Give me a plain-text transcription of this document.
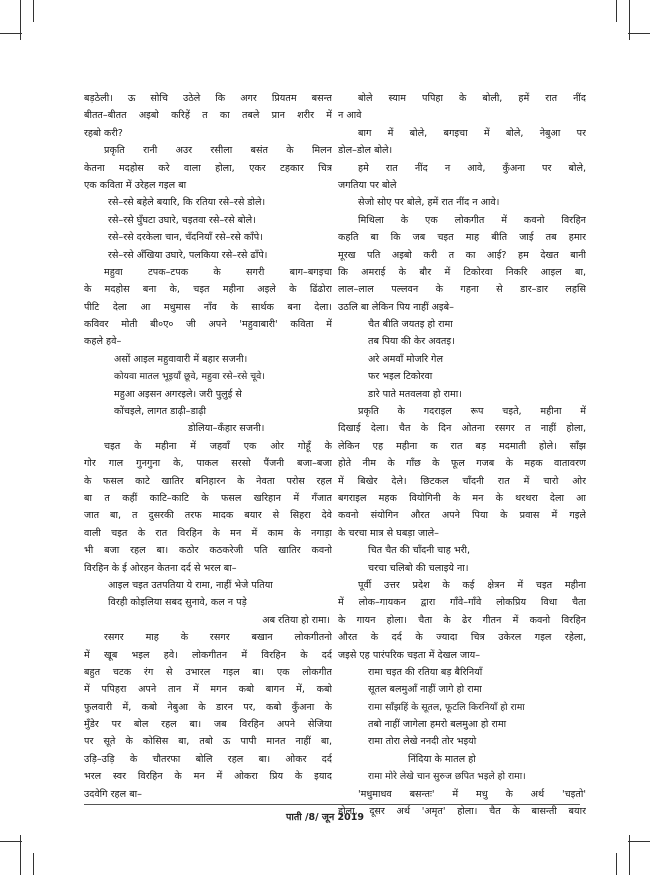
बड़ठेली। ऊ सोचि उठेले कि अगर प्रियतम बसन्त
बीतत–बीतत अइबो करिहें त का तबले प्रान शरीर में
रहबो करी?
प्रकृति रानी अउर रसीला बसंत के मिलन
केतना मदहोस करे वाला होला, एकर टहकार चित्र
एक कविता में उरेहल गइल बा
रसे–रसे बहेले बयारि, कि रतिया रसे–रसे डोले।
रसे–रसे घुँघटा उघारे, चइतवा रसे–रसे बोले।
रसे–रसे दरकेला चान, चँदनियाँ रसे–रसे काँपे।
रसे–रसे अँखिया उघारे, पलकिया रसे–रसे ढाँपे।
महुवा टपक–टपक के सगरी बाग–बगइचा
के मदहोस बना के, चइत महीना अइले के ढिंढोरा
पीटि देला आ मधुमास नाँव के सार्थक बना देला।
कविवर मोती बी०ए० जी अपने 'महुवाबारी' कविता में
कहले हवे–
असों आइल महुवावारी में बहार सजनी।
कोयवा मातल भूइयाँ छूवे, महुवा रसे–रसे चूवे।
महुआ अइसन अगरइले। जरी पुलुई से
कोंचइले, लागत डाढ़ी–डाढ़ी
डोलिया–कँहार सजनी।
चइत के महीना में जहवाँ एक ओर गोहूँ के
गोर गाल गुनगुना के, पाकल सरसो पैंजनी बजा–बजा
के फसल काटे खातिर बनिहारन के नेवता परोस रहल
बा त कहीं काटि–काटि के फसल खरिहान में गँजात
जात बा, त दुसरकी तरफ मादक बयार से सिहरा देवे
वाली चइत के रात विरहिन के मन में काम के नगाड़ा
भी बजा रहल बा। कठोर कठकरेजी पति खातिर कवनो
विरहिन के ई ओरहन केतना दर्द से भरल बा–
आइल चइत उतपतिया ये रामा, नाहीं भेजे पतिया
विरही कोइलिया सबद सुनावे, कल न पड़े
अब रतिया हो रामा।
रसगर माह के रसगर बखान लोकगीतनो
में खूब भइल हवे। लोकगीतन में विरहिन के दर्द
बहुत चटक रंग से उभारल गइल बा। एक लोकगीत
में पपिहरा अपने तान में मगन कबो बागन में, कबो
फुलवारी में, कबो नेबुआ के डारन पर, कबो कुँअना के
मुँडेर पर बोल रहल बा। जब विरहिन अपने सेजिया
पर सूते के कोसिस बा, तबो ऊ पापी मानत नाहीं बा,
उड़ि–उड़ि के चौतरफा बोलि रहल बा। ओकर दर्द
भरल स्वर विरहिन के मन में ओकरा प्रिय के इयाद
उदवेगि रहल बा–
बोले स्याम पपिहा के बोली, हमें रात नींद
न आवे
बाग में बोले, बगइचा में बोले, नेबुआ पर
डोल–डोल बोले।
हमे रात नींद न आवे, कुँअना पर बोले,
जगतिया पर बोले
सेजो सोए पर बोले, हमें रात नींद न आवे।
मिथिला के एक लोकगीत में कवनो विरहिन
कहति बा कि जब चइत माह बीति जाई तब हमार
मूरख पति अइबो करी त का आई? हम देखत बानी
कि अमराई के बौर में टिकोरवा निकरि आइल बा,
लाल–लाल पल्लवन के गहना से डार–डार लहसि
उठलि बा लेकिन पिय नाहीं अइबे–
चैत बीति जयतइ हो रामा
तब पिया की केर अवतइ।
अरे अमवाँ मोजरि गेल
फर भइल टिकोरवा
डारे पाते मतवलवा हो रामा।
प्रकृति के गदराइल रूप चइते, महीना में
दिखाई देला। चैत के दिन ओतना रसगर त नाहीं होला,
लेकिन एह महीना क रात बड़ मदमाती होले। साँझ
होते नीम के गाँछ के फूल गजब के महक वातावरण
में बिखेर देले। छिटकल चाँदनी रात में चारो ओर
बगराइल महक वियोगिनी के मन के थरथरा देला आ
कवनो संयोगिन औरत अपने पिया के प्रवास में गइले
के चरचा मात्र से घबड़ा जाले–
चित चैत की चाँदनी चाह भरी,
चरचा चलिबो की चलाइये ना।
पूर्वी उत्तर प्रदेश के कई क्षेत्रन में चइत महीना
में लोक–गायकन द्वारा गाँवे–गाँवे लोकप्रिय विधा चैता
के गायन होला। चैता के ढेर गीतन में कवनो विरहिन
औरत के दर्द के ज्यादा चित्र उकेरल गइल रहेला,
जइसे एह पारंपरिक चइता में देखल जाय–
रामा चइत की रतिया बड़ बैरिनियाँ
सूतल बलमुआँ नाहीं जागे हो रामा
रामा साँझहिं के सूतल, फूटलि किरनियाँ हो रामा
तबो नाहीं जागेला हमरो बलमुआ हो रामा
रामा तोरा लेखे ननदी तोर भइयो
निंदिया के मातल हो
रामा मोरे लेखे चान सुरुज छपित भइले हो रामा।
'मधुमाधव बसन्तः' में मधु के अर्थ 'चइतो'
होला, दूसर अर्थ 'अमृत' होला। चैत के बासन्ती बयार
पाती /8/ जून 2019
